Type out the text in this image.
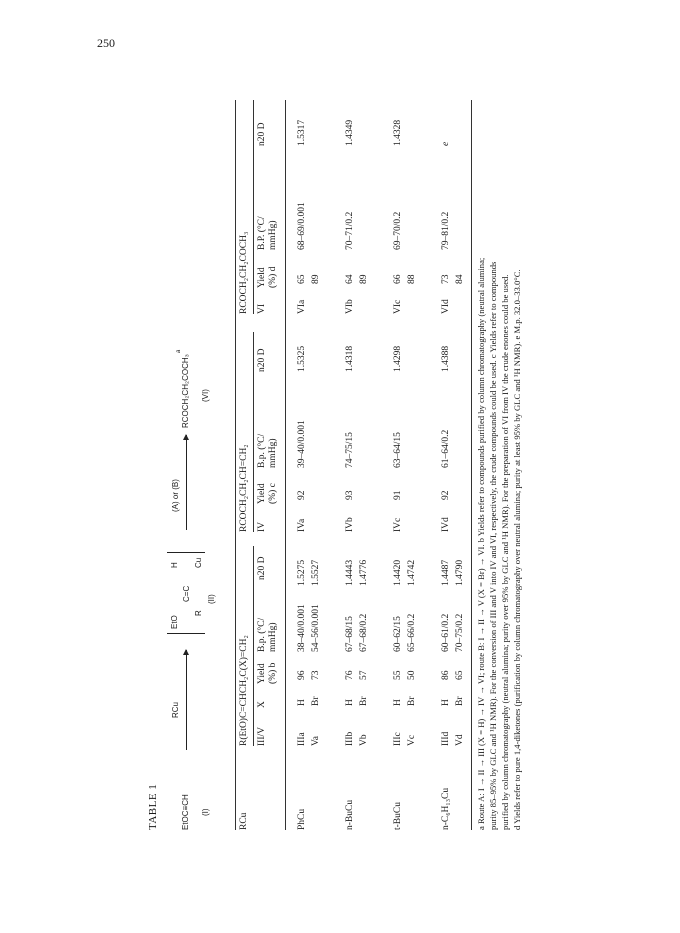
250
TABLE 1	EtOC≡CH (I)
RCu
EtO
H
C=C
R
Cu
(II)
(A) or (B)
RCOCH₂CH₂COCH₃
a
(VI)
RCu
R(EtO)C=CHCH₂C(X)=CH₂
RCOCH₂CH₂CH=CH₂
RCOCH₂CH₂COCH₃
III/V
X
Yield (%) b
B.p. (°C/ mmHg)
n20 D
IV
Yield (%) c
B.p. (°C/ mmHg)
n20 D
VI
Yield (%) d
B.P. (°C/ mmHg)
n20 D
PhCu
IIIa
H
96
38–40/0.001
1.5275
Va
Br
73
54–56/0.001
1.5527
IVa
92
39–40/0.001
1.5325
VIa
65 89
68–69/0.001
1.5317
n-BuCu
IIIb
H
76
67–68/15
1.4443
Vb
Br
57
67–68/0.2
1.4776
IVb
93
74–75/15
1.4318
VIb
64 89
70–71/0.2
1.4349
t-BuCu
IIIc
H
55
60–62/15
1.4420
Vc
Br
50
65–66/0.2
1.4742
IVc
91
63–64/15
1.4298
VIc
66 88
69–70/0.2
1.4328
n-C₆H₁₃Cu
IIId
H
86
60–61/0.2
1.4487
Vd
Br
65
70–75/0.2
1.4790
IVd
92
61–64/0.2
1.4388
VId
73 84
79–81/0.2
e
a Route A: I → II → III (X = H) → IV → VI; route B: I → II → V (X = Br) → VI. b Yields refer to compounds purified by column chromatography (neutral alumina; purity 85–95% by GLC and ¹H NMR). For the conversion of III and V into IV and VI, respectively, the crude compounds could be used. c Yields refer to compounds purified by column chromatography (neutral alumina; purity over 95% by GLC and ¹H NMR). For the preparation of VI from IV the crude enones could be used. d Yields refer to pure 1,4-diketones (purification by column chromatography over neutral alumina; purity at least 95% by GLC and ¹H NMR). e M.p. 32.0–33.0°C.
